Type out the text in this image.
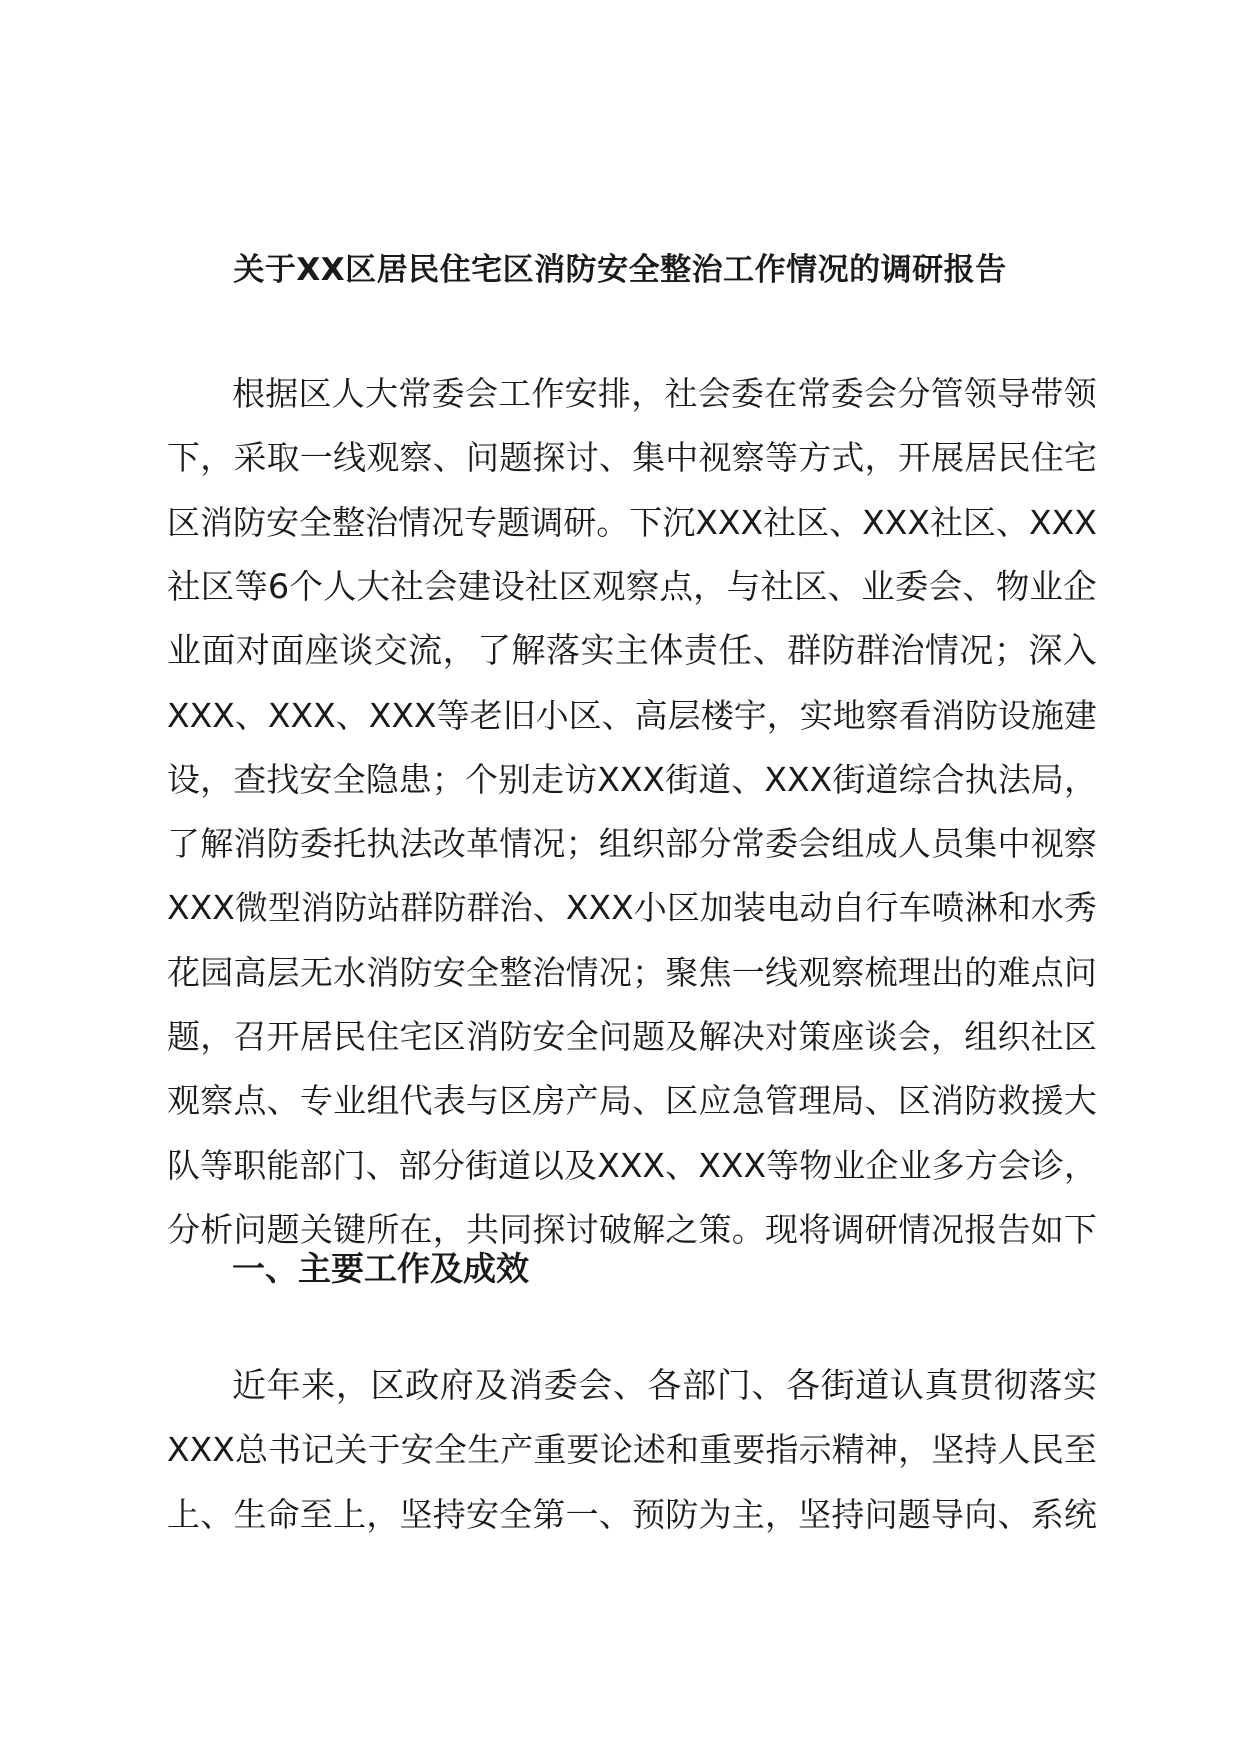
关于XX区居民住宅区消防安全整治工作情况的调研报告
根 据 区 人 大 常 委 会 工 作 安 排 ， 社 会 委 在 常 委 会 分 管 领 导 带 领
下 ， 采 取 一 线 观 察 、 问 题 探 讨 、 集 中 视 察 等 方 式 ， 开 展 居 民 住 宅
区 消 防 安 全 整 治 情 况 专 题 调 研 。 下 沉 XXX 社 区 、 XXX 社 区 、 XXX
社 区 等 6 个 人 大 社 会 建 设 社 区 观 察 点 ， 与 社 区 、 业 委 会 、 物 业 企
业 面 对 面 座 谈 交 流 ， 了 解 落 实 主 体 责 任 、 群 防 群 治 情 况 ； 深 入
XXX 、 XXX 、 XXX 等 老 旧 小 区 、 高 层 楼 宇 ， 实 地 察 看 消 防 设 施 建
设 ， 查 找 安 全 隐 患 ； 个 别 走 访 XXX 街 道 、 XXX 街 道 综 合 执 法 局 ，
了 解 消 防 委 托 执 法 改 革 情 况 ； 组 织 部 分 常 委 会 组 成 人 员 集 中 视 察
XXX 微 型 消 防 站 群 防 群 治 、 XXX 小 区 加 装 电 动 自 行 车 喷 淋 和 水 秀
花 园 高 层 无 水 消 防 安 全 整 治 情 况 ； 聚 焦 一 线 观 察 梳 理 出 的 难 点 问
题 ， 召 开 居 民 住 宅 区 消 防 安 全 问 题 及 解 决 对 策 座 谈 会 ， 组 织 社 区
观 察 点 、 专 业 组 代 表 与 区 房 产 局 、 区 应 急 管 理 局 、 区 消 防 救 援 大
队 等 职 能 部 门 、 部 分 街 道 以 及 XXX 、 XXX 等 物 业 企 业 多 方 会 诊 ，
分 析 问 题 关 键 所 在 ， 共 同 探 讨 破 解 之 策 。 现 将 调 研 情 况 报 告 如 下
一、主要工作及成效
近 年 来 ， 区 政 府 及 消 委 会 、 各 部 门 、 各 街 道 认 真 贯 彻 落 实
XXX 总 书 记 关 于 安 全 生 产 重 要 论 述 和 重 要 指 示 精 神 ， 坚 持 人 民 至
上 、 生 命 至 上 ， 坚 持 安 全 第 一 、 预 防 为 主 ， 坚 持 问 题 导 向 、 系 统
